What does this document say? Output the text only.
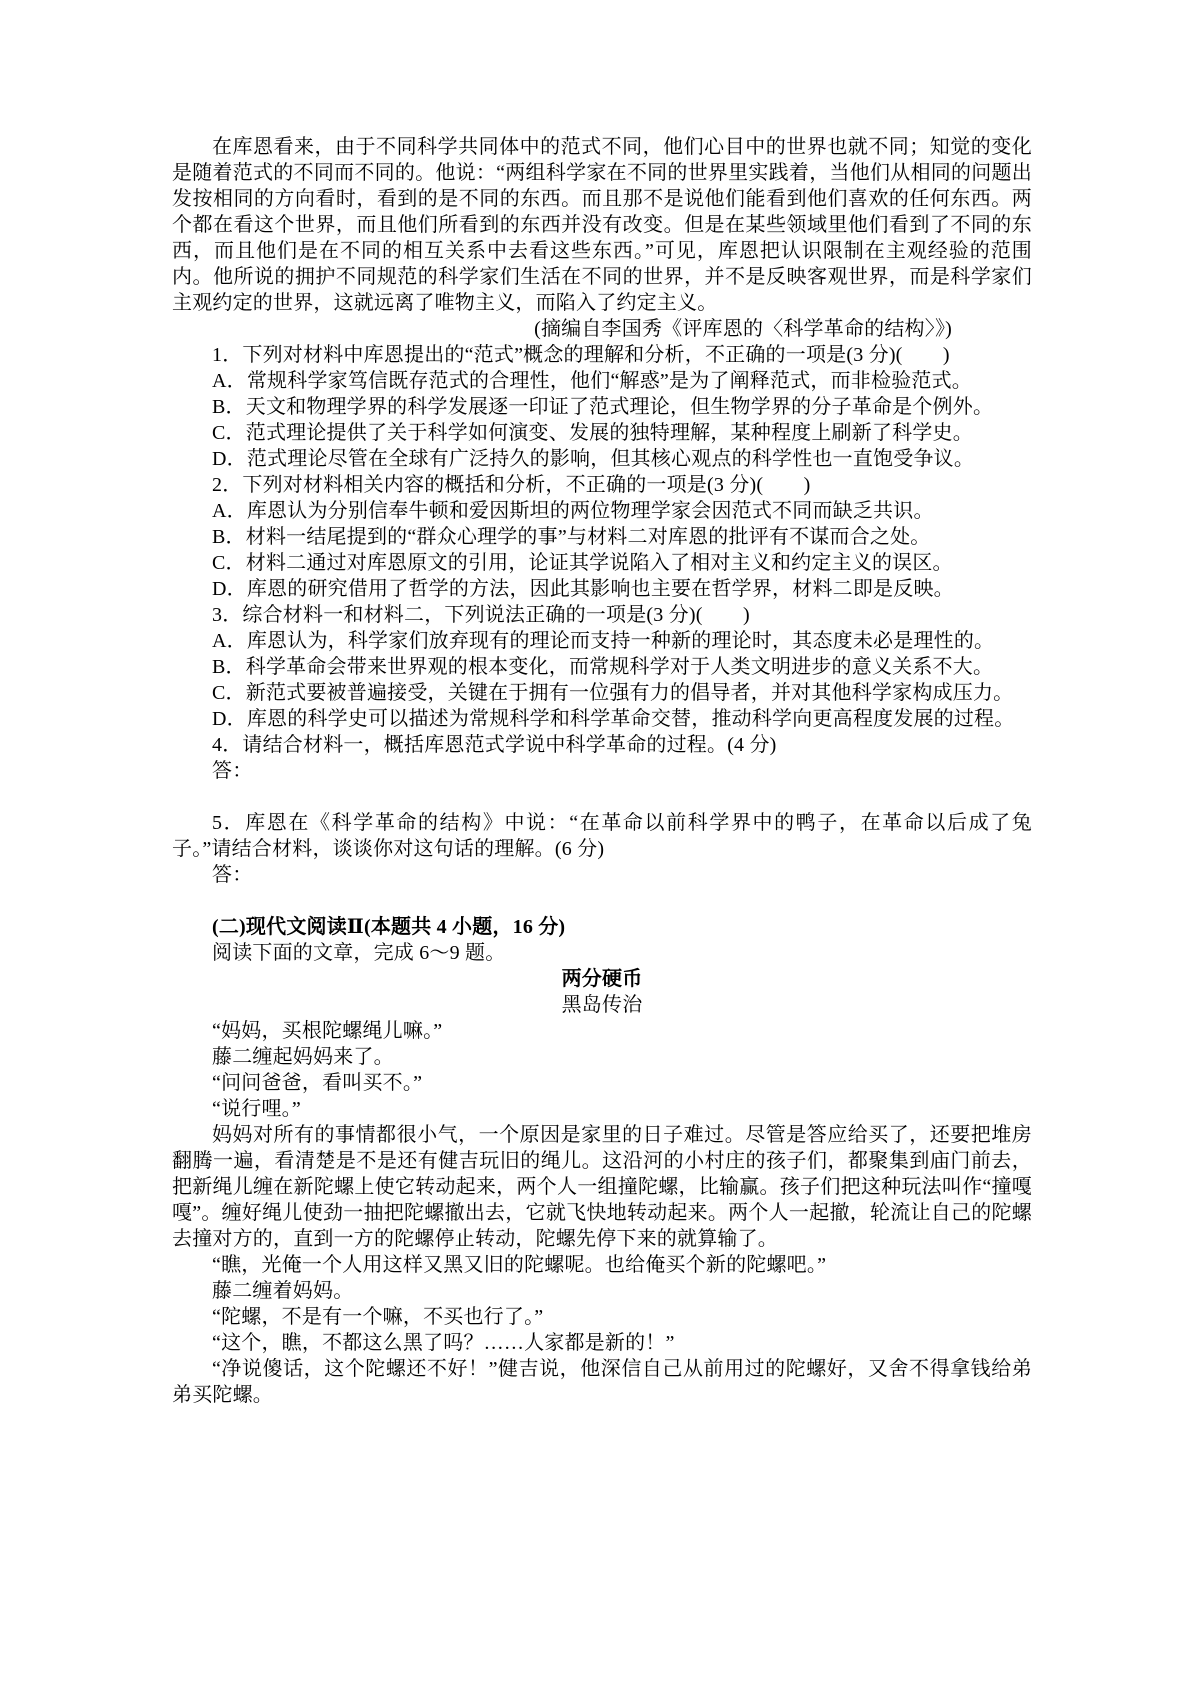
在库恩看来，由于不同科学共同体中的范式不同，他们心目中的世界也就不同；知觉的变化是随着范式的不同而不同的。他说：“两组科学家在不同的世界里实践着，当他们从相同的问题出发按相同的方向看时，看到的是不同的东西。而且那不是说他们能看到他们喜欢的任何东西。两个都在看这个世界，而且他们所看到的东西并没有改变。但是在某些领域里他们看到了不同的东西，而且他们是在不同的相互关系中去看这些东西。”可见，库恩把认识限制在主观经验的范围内。他所说的拥护不同规范的科学家们生活在不同的世界，并不是反映客观世界，而是科学家们主观约定的世界，这就远离了唯物主义，而陷入了约定主义。
(摘编自李国秀《评库恩的〈科学革命的结构〉》)
1．下列对材料中库恩提出的“范式”概念的理解和分析，不正确的一项是(3 分)(　　)
A．常规科学家笃信既存范式的合理性，他们“解惑”是为了阐释范式，而非检验范式。
B．天文和物理学界的科学发展逐一印证了范式理论，但生物学界的分子革命是个例外。
C．范式理论提供了关于科学如何演变、发展的独特理解，某种程度上刷新了科学史。
D．范式理论尽管在全球有广泛持久的影响，但其核心观点的科学性也一直饱受争议。
2．下列对材料相关内容的概括和分析，不正确的一项是(3 分)(　　)
A．库恩认为分别信奉牛顿和爱因斯坦的两位物理学家会因范式不同而缺乏共识。
B．材料一结尾提到的“群众心理学的事”与材料二对库恩的批评有不谋而合之处。
C．材料二通过对库恩原文的引用，论证其学说陷入了相对主义和约定主义的误区。
D．库恩的研究借用了哲学的方法，因此其影响也主要在哲学界，材料二即是反映。
3．综合材料一和材料二，下列说法正确的一项是(3 分)(　　)
A．库恩认为，科学家们放弃现有的理论而支持一种新的理论时，其态度未必是理性的。
B．科学革命会带来世界观的根本变化，而常规科学对于人类文明进步的意义关系不大。
C．新范式要被普遍接受，关键在于拥有一位强有力的倡导者，并对其他科学家构成压力。
D．库恩的科学史可以描述为常规科学和科学革命交替，推动科学向更高程度发展的过程。
4．请结合材料一，概括库恩范式学说中科学革命的过程。(4 分)
答：
5．库恩在《科学革命的结构》中说：“在革命以前科学界中的鸭子，在革命以后成了兔子。”请结合材料，谈谈你对这句话的理解。(6 分)
答：
(二)现代文阅读Ⅱ(本题共 4 小题，16 分)
阅读下面的文章，完成 6～9 题。
两分硬币
黑岛传治
“妈妈，买根陀螺绳儿嘛。”
藤二缠起妈妈来了。
“问问爸爸，看叫买不。”
“说行哩。”
妈妈对所有的事情都很小气，一个原因是家里的日子难过。尽管是答应给买了，还要把堆房翻腾一遍，看清楚是不是还有健吉玩旧的绳儿。这沿河的小村庄的孩子们，都聚集到庙门前去，把新绳儿缠在新陀螺上使它转动起来，两个人一组撞陀螺，比输赢。孩子们把这种玩法叫作“撞嘎嘎”。缠好绳儿使劲一抽把陀螺撤出去，它就飞快地转动起来。两个人一起撤，轮流让自己的陀螺去撞对方的，直到一方的陀螺停止转动，陀螺先停下来的就算输了。
“瞧，光俺一个人用这样又黑又旧的陀螺呢。也给俺买个新的陀螺吧。”
藤二缠着妈妈。
“陀螺，不是有一个嘛，不买也行了。”
“这个，瞧，不都这么黑了吗？……人家都是新的！”
“净说傻话，这个陀螺还不好！”健吉说，他深信自己从前用过的陀螺好，又舍不得拿钱给弟弟买陀螺。
